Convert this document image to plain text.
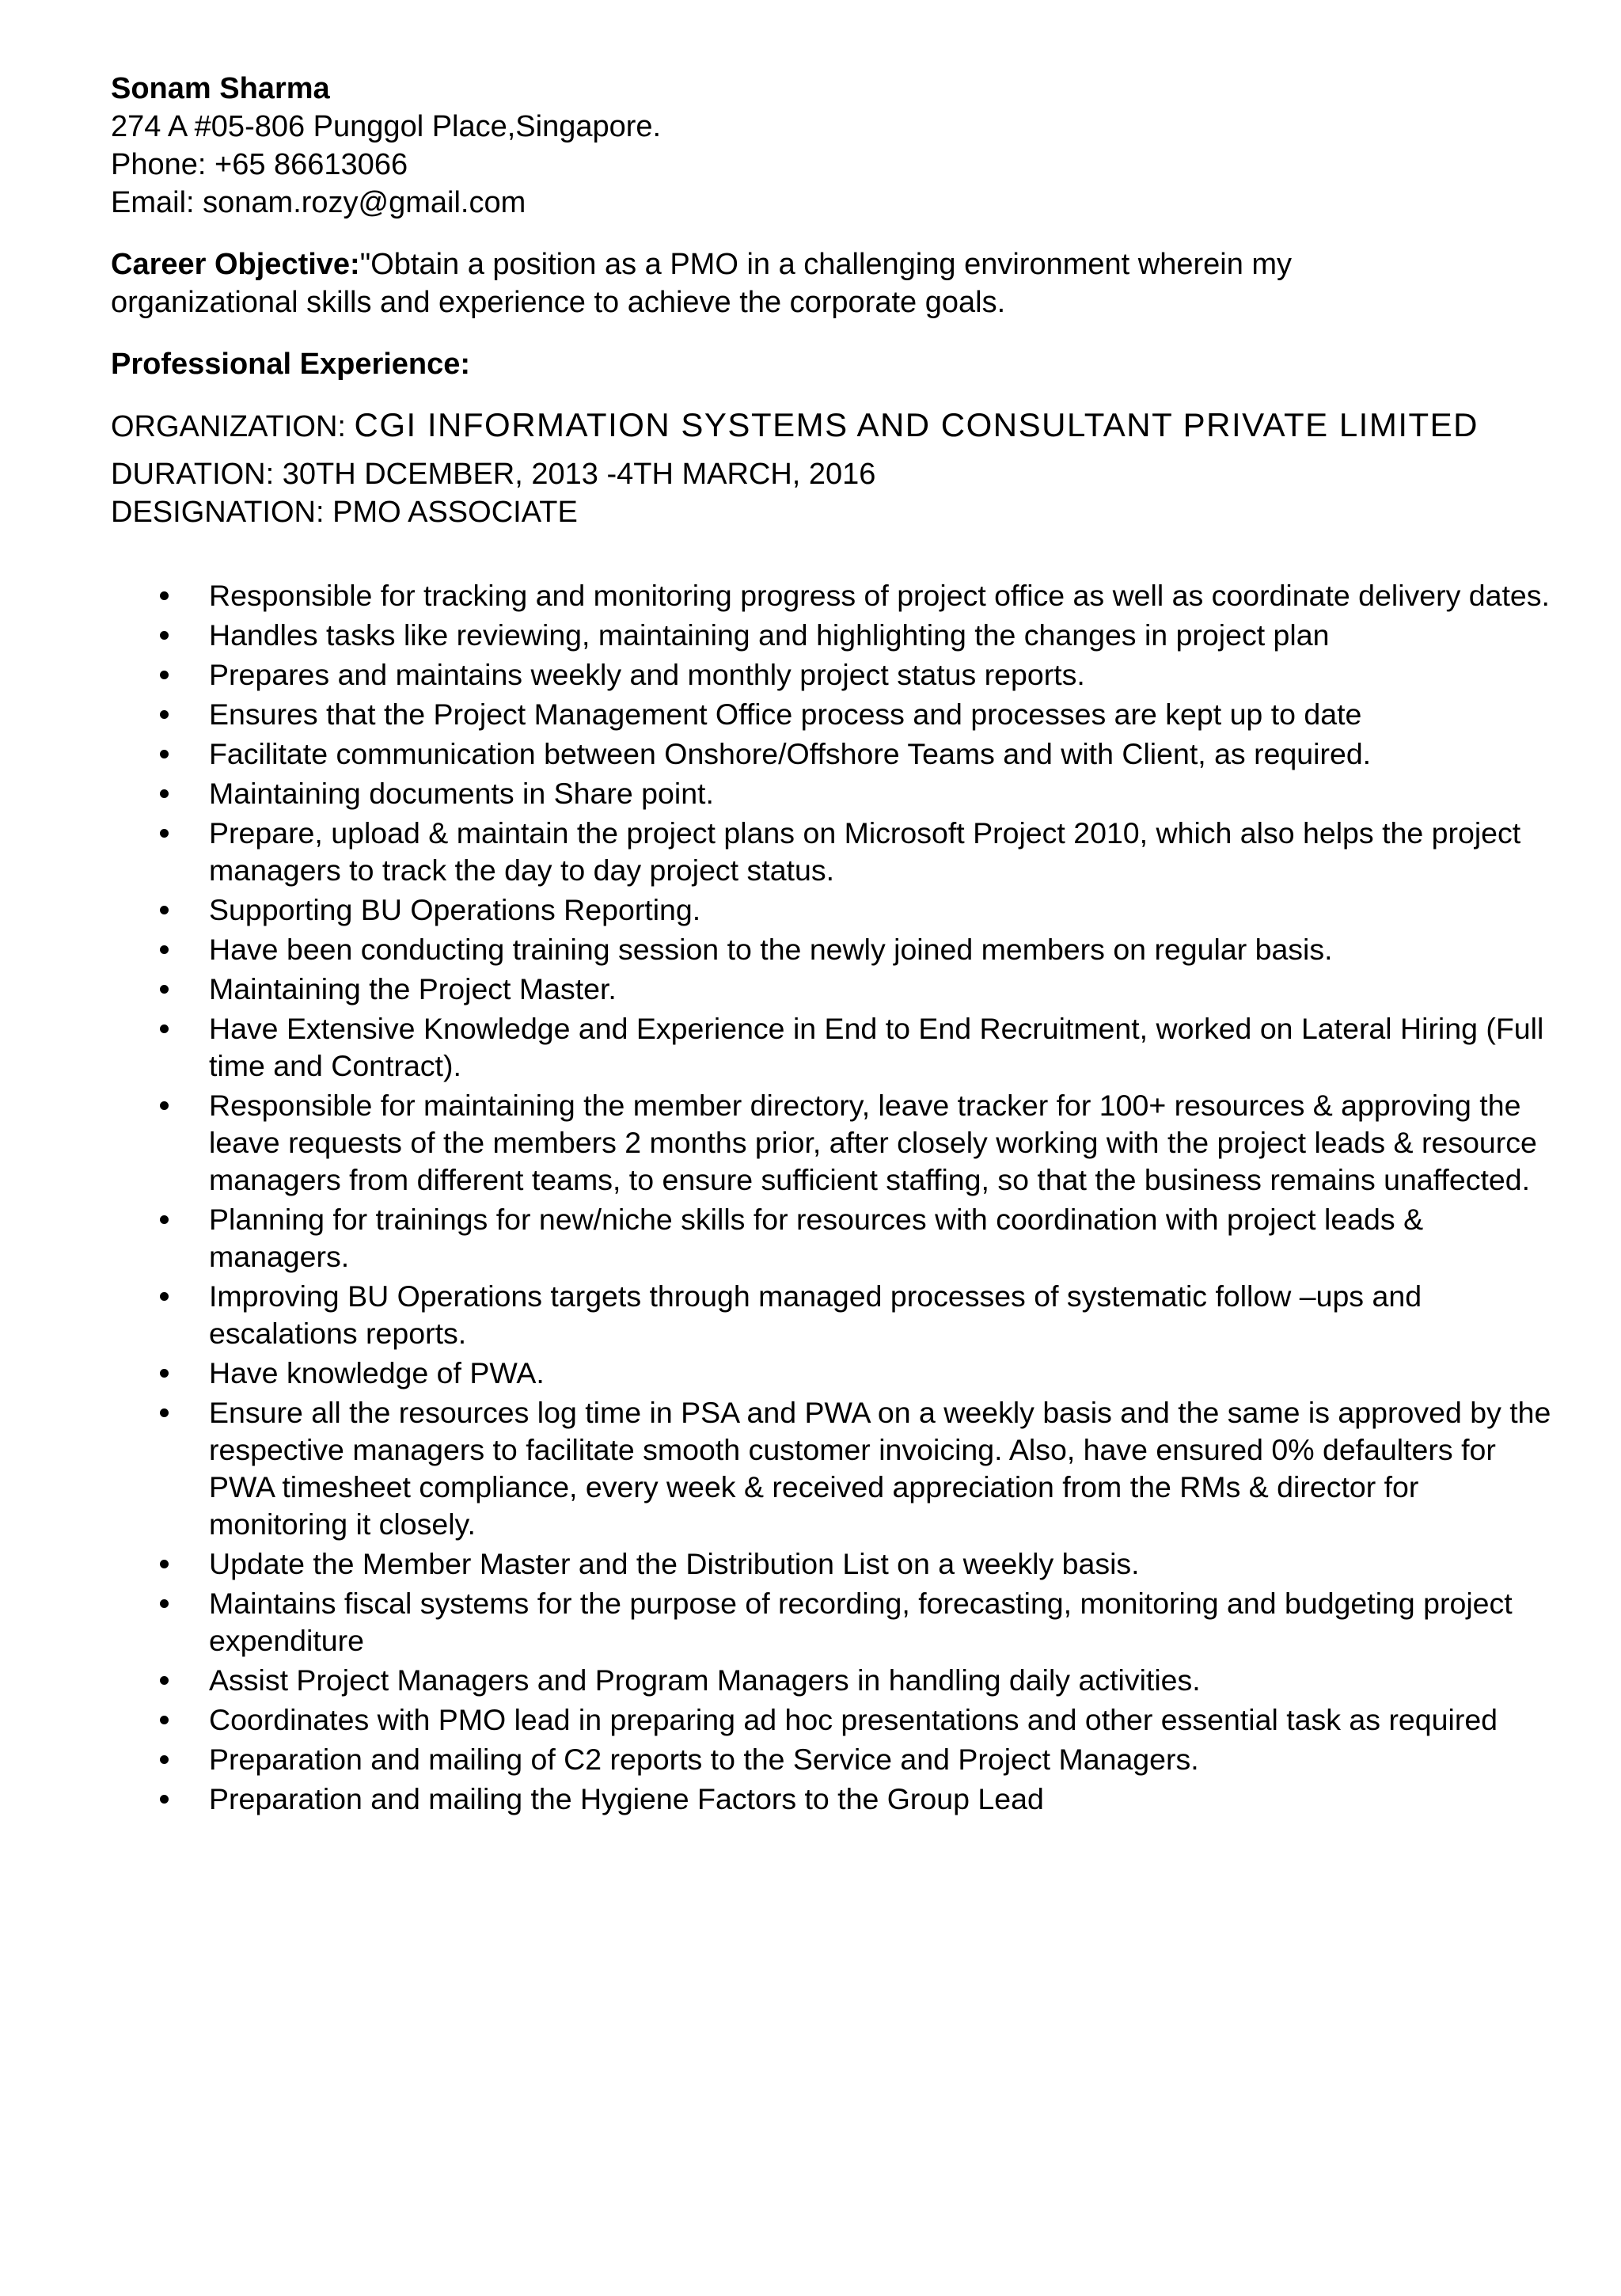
Sonam Sharma
274 A #05-806 Punggol Place,Singapore.
Phone: +65 86613066
Email: sonam.rozy@gmail.com
Career Objective:"Obtain a position as a PMO in a challenging environment wherein my organizational skills and experience to achieve the corporate goals.
Professional Experience:
ORGANIZATION: CGI INFORMATION SYSTEMS AND CONSULTANT PRIVATE LIMITED
DURATION: 30TH DCEMBER, 2013 -4TH MARCH, 2016
DESIGNATION: PMO ASSOCIATE
Responsible for tracking and monitoring progress of project office as well as coordinate delivery dates.
Handles tasks like reviewing, maintaining and highlighting the changes in project plan
Prepares and maintains weekly and monthly project status reports.
Ensures that the Project Management Office process and processes are kept up to date
Facilitate communication between Onshore/Offshore Teams and with Client, as required.
Maintaining documents in Share point.
Prepare, upload & maintain the project plans on Microsoft Project 2010, which also helps the project managers to track the day to day project status.
Supporting BU Operations Reporting.
Have been conducting training session to the newly joined members on regular basis.
Maintaining the Project Master.
Have Extensive Knowledge and Experience in End to End Recruitment, worked on Lateral Hiring (Full time and Contract).
Responsible for maintaining the member directory, leave tracker for 100+ resources & approving the leave requests of the members 2 months prior, after closely working with the project leads & resource managers from different teams, to ensure sufficient staffing, so that the business remains unaffected.
Planning for trainings for new/niche skills for resources with coordination with project leads & managers.
Improving BU Operations targets through managed processes of systematic follow –ups and escalations reports.
Have knowledge of PWA.
Ensure all the resources log time in PSA and PWA on a weekly basis and the same is approved by the respective managers to facilitate smooth customer invoicing. Also, have ensured 0% defaulters for PWA timesheet compliance, every week & received appreciation from the RMs & director for monitoring it closely.
Update the Member Master and the Distribution List on a weekly basis.
Maintains fiscal systems for the purpose of recording, forecasting, monitoring and budgeting project expenditure
Assist Project Managers and Program Managers in handling daily activities.
Coordinates with PMO lead in preparing ad hoc presentations and other essential task as required
Preparation and mailing of C2 reports to the Service and Project Managers.
Preparation and mailing the Hygiene Factors to the Group Lead
